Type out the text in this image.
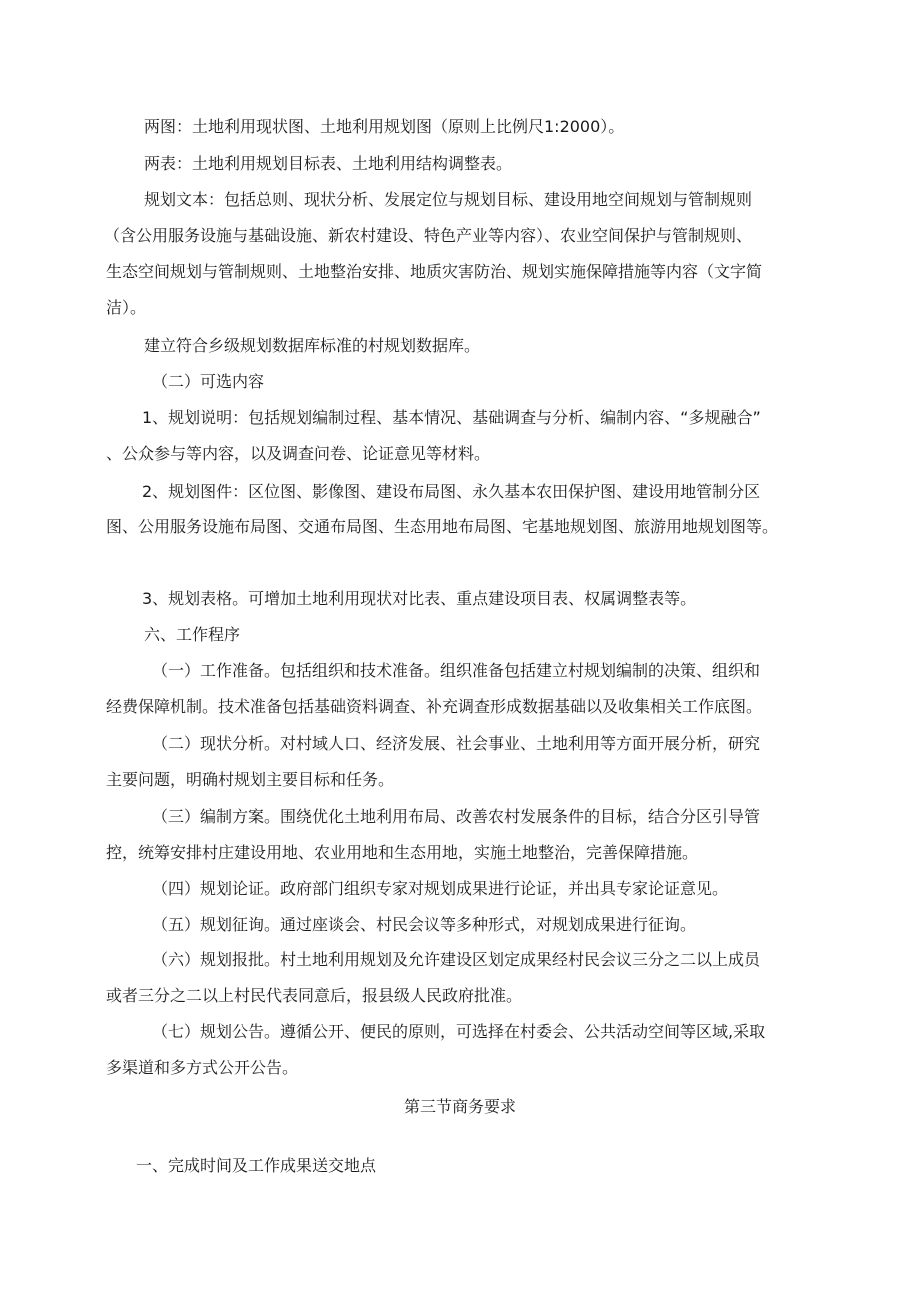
两图：土地利用现状图、土地利用规划图（原则上比例尺1:2000）。

两表：土地利用规划目标表、土地利用结构调整表。

规划文本：包括总则、现状分析、发展定位与规划目标、建设用地空间规划与管制规则

（含公用服务设施与基础设施、新农村建设、特色产业等内容）、农业空间保护与管制规则、

生态空间规划与管制规则、土地整治安排、地质灾害防治、规划实施保障措施等内容（文字简

洁）。

建立符合乡级规划数据库标准的村规划数据库。

（二）可选内容

1、规划说明：包括规划编制过程、基本情况、基础调查与分析、编制内容、“多规融合”

、公众参与等内容，以及调查问卷、论证意见等材料。

2、规划图件：区位图、影像图、建设布局图、永久基本农田保护图、建设用地管制分区

图、公用服务设施布局图、交通布局图、生态用地布局图、宅基地规划图、旅游用地规划图等。

3、规划表格。可增加土地利用现状对比表、重点建设项目表、权属调整表等。

六、工作程序

（一）工作准备。包括组织和技术准备。组织准备包括建立村规划编制的决策、组织和

经费保障机制。技术准备包括基础资料调查、补充调查形成数据基础以及收集相关工作底图。

（二）现状分析。对村域人口、经济发展、社会事业、土地利用等方面开展分析，研究

主要问题，明确村规划主要目标和任务。

（三）编制方案。围绕优化土地利用布局、改善农村发展条件的目标，结合分区引导管

控，统筹安排村庄建设用地、农业用地和生态用地，实施土地整治，完善保障措施。

（四）规划论证。政府部门组织专家对规划成果进行论证，并出具专家论证意见。

（五）规划征询。通过座谈会、村民会议等多种形式，对规划成果进行征询。

（六）规划报批。村土地利用规划及允许建设区划定成果经村民会议三分之二以上成员

或者三分之二以上村民代表同意后，报县级人民政府批准。

（七）规划公告。遵循公开、便民的原则，可选择在村委会、公共活动空间等区域,采取

多渠道和多方式公开公告。

第三节商务要求

一、完成时间及工作成果送交地点
